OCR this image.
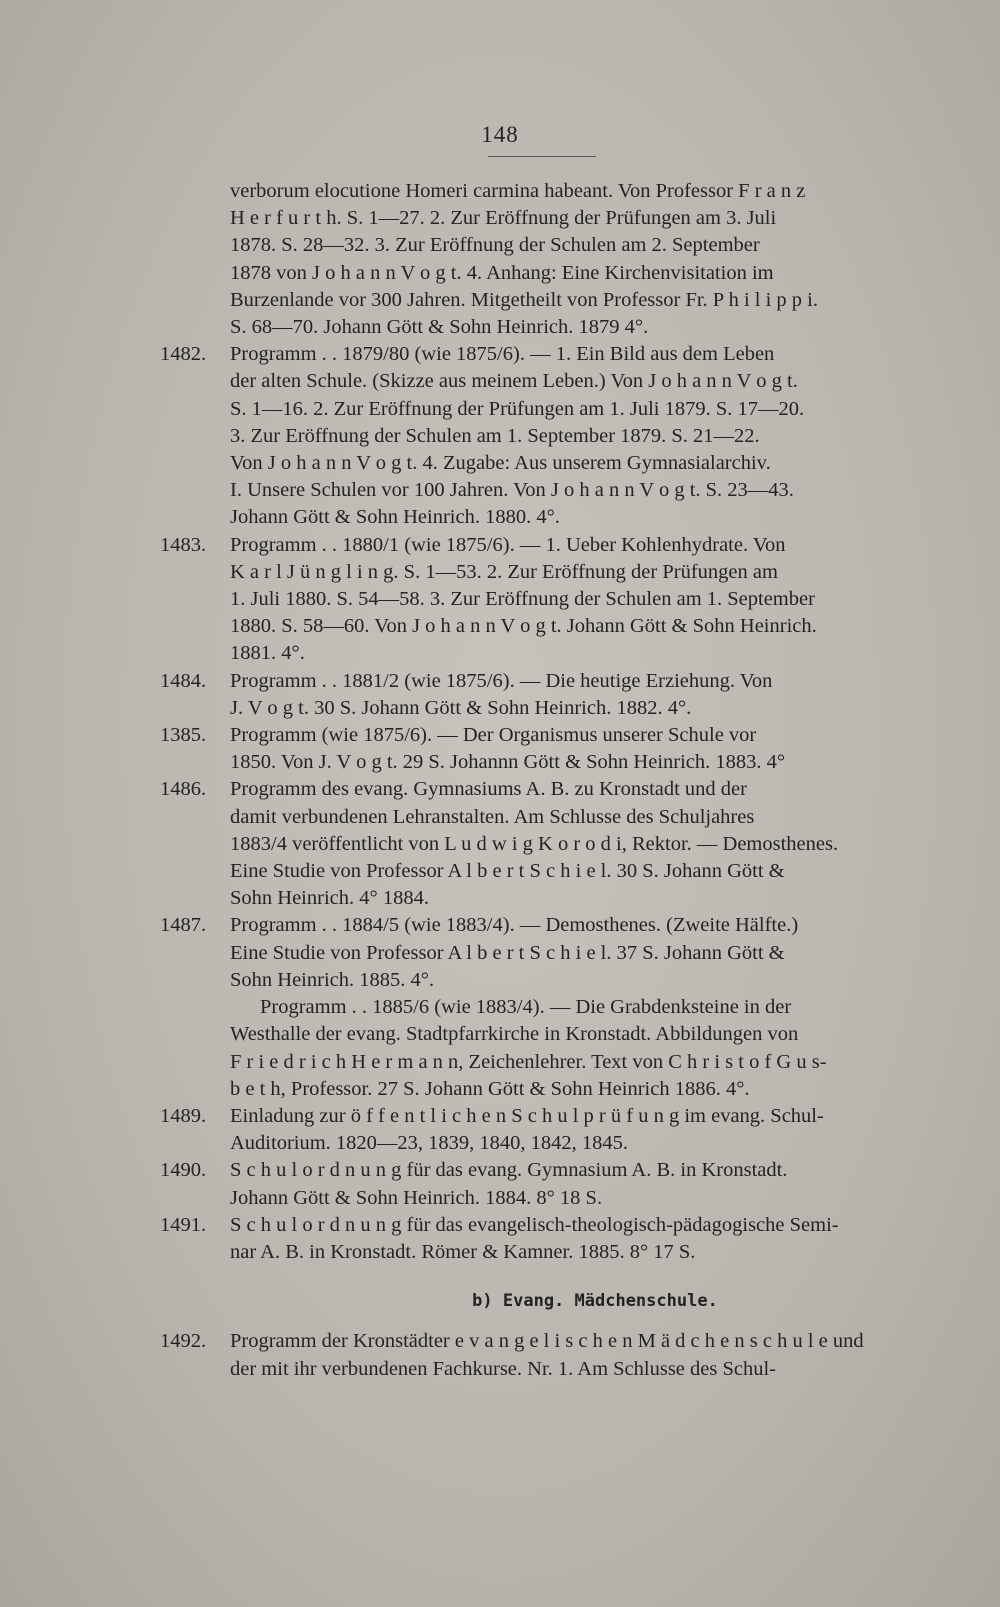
148
verborum elocutione Homeri carmina habeant. Von Professor F r a n z
H e r f u r t h. S. 1—27. 2. Zur Eröffnung der Prüfungen am 3. Juli
1878. S. 28—32. 3. Zur Eröffnung der Schulen am 2. September
1878 von J o h a n n V o g t. 4. Anhang: Eine Kirchenvisitation im
Burzenlande vor 300 Jahren. Mitgetheilt von Professor Fr. P h i l i p p i.
S. 68—70. Johann Gött & Sohn Heinrich. 1879 4°.
1482. Programm . . 1879/80 (wie 1875/6). — 1. Ein Bild aus dem Leben
der alten Schule. (Skizze aus meinem Leben.) Von J o h a n n V o g t.
S. 1—16. 2. Zur Eröffnung der Prüfungen am 1. Juli 1879. S. 17—20.
3. Zur Eröffnung der Schulen am 1. September 1879. S. 21—22.
Von J o h a n n V o g t. 4. Zugabe: Aus unserem Gymnasialarchiv.
I. Unsere Schulen vor 100 Jahren. Von J o h a n n V o g t. S. 23—43.
Johann Gött & Sohn Heinrich. 1880. 4°.
1483. Programm . . 1880/1 (wie 1875/6). — 1. Ueber Kohlenhydrate. Von
K a r l J ü n g l i n g. S. 1—53. 2. Zur Eröffnung der Prüfungen am
1. Juli 1880. S. 54—58. 3. Zur Eröffnung der Schulen am 1. September
1880. S. 58—60. Von J o h a n n V o g t. Johann Gött & Sohn Heinrich.
1881. 4°.
1484. Programm . . 1881/2 (wie 1875/6). — Die heutige Erziehung. Von
J. V o g t. 30 S. Johann Gött & Sohn Heinrich. 1882. 4°.
1385. Programm (wie 1875/6). — Der Organismus unserer Schule vor
1850. Von J. V o g t. 29 S. Johannn Gött & Sohn Heinrich. 1883. 4°
1486. Programm des evang. Gymnasiums A. B. zu Kronstadt und der
damit verbundenen Lehranstalten. Am Schlusse des Schuljahres
1883/4 veröffentlicht von L u d w i g K o r o d i, Rektor. — Demosthenes.
Eine Studie von Professor A l b e r t S c h i e l. 30 S. Johann Gött &
Sohn Heinrich. 4° 1884.
1487. Programm . . 1884/5 (wie 1883/4). — Demosthenes. (Zweite Hälfte.)
Eine Studie von Professor A l b e r t S c h i e l. 37 S. Johann Gött &
Sohn Heinrich. 1885. 4°.
Programm . . 1885/6 (wie 1883/4). — Die Grabdenksteine in der
Westhalle der evang. Stadtpfarrkirche in Kronstadt. Abbildungen von
F r i e d r i c h H e r m a n n, Zeichenlehrer. Text von C h r i s t o f G u s-
b e t h, Professor. 27 S. Johann Gött & Sohn Heinrich 1886. 4°.
1489. Einladung zur ö f f e n t l i c h e n S c h u l p r ü f u n g im evang. Schul-
Auditorium. 1820—23, 1839, 1840, 1842, 1845.
1490. S c h u l o r d n u n g für das evang. Gymnasium A. B. in Kronstadt.
Johann Gött & Sohn Heinrich. 1884. 8° 18 S.
1491. S c h u l o r d n u n g für das evangelisch-theologisch-pädagogische Semi-
nar A. B. in Kronstadt. Römer & Kamner. 1885. 8° 17 S.
b) Evang. Mädchenschule.
1492. Programm der Kronstädter e v a n g e l i s c h e n M ä d c h e n s c h u l e und
der mit ihr verbundenen Fachkurse. Nr. 1. Am Schlusse des Schul-
